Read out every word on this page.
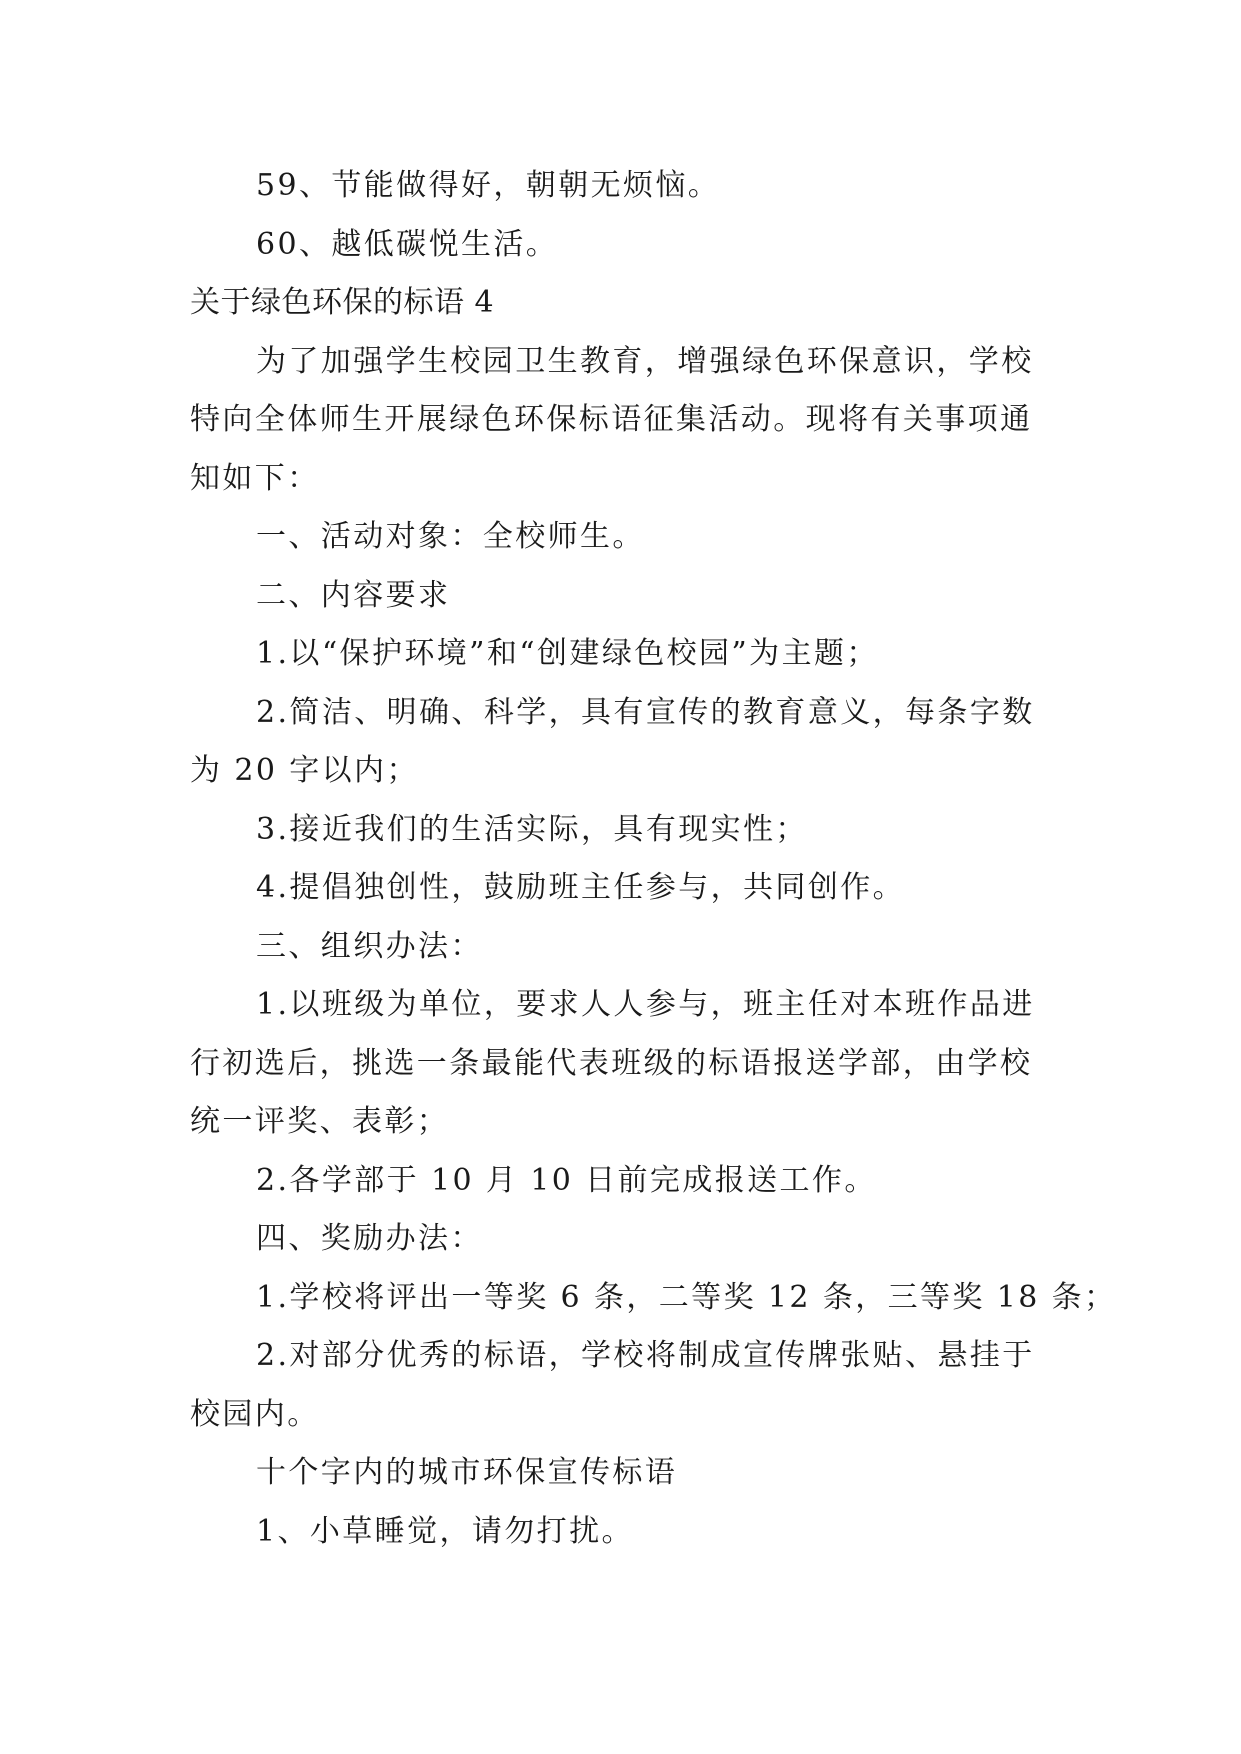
59、节能做得好，朝朝无烦恼。

60、越低碳悦生活。

关于绿色环保的标语 4

为了加强学生校园卫生教育，增强绿色环保意识，学校

特向全体师生开展绿色环保标语征集活动。现将有关事项通

知如下：

一、活动对象：全校师生。

二、内容要求

1.以“保护环境”和“创建绿色校园”为主题；

2.简洁、明确、科学，具有宣传的教育意义，每条字数

为 20 字以内；

3.接近我们的生活实际，具有现实性；

4.提倡独创性，鼓励班主任参与，共同创作。

三、组织办法：

1.以班级为单位，要求人人参与，班主任对本班作品进

行初选后，挑选一条最能代表班级的标语报送学部，由学校

统一评奖、表彰；

2.各学部于 10 月 10 日前完成报送工作。

四、奖励办法：

1.学校将评出一等奖 6 条，二等奖 12 条，三等奖 18 条；

2.对部分优秀的标语，学校将制成宣传牌张贴、悬挂于

校园内。

十个字内的城市环保宣传标语

1、小草睡觉，请勿打扰。
